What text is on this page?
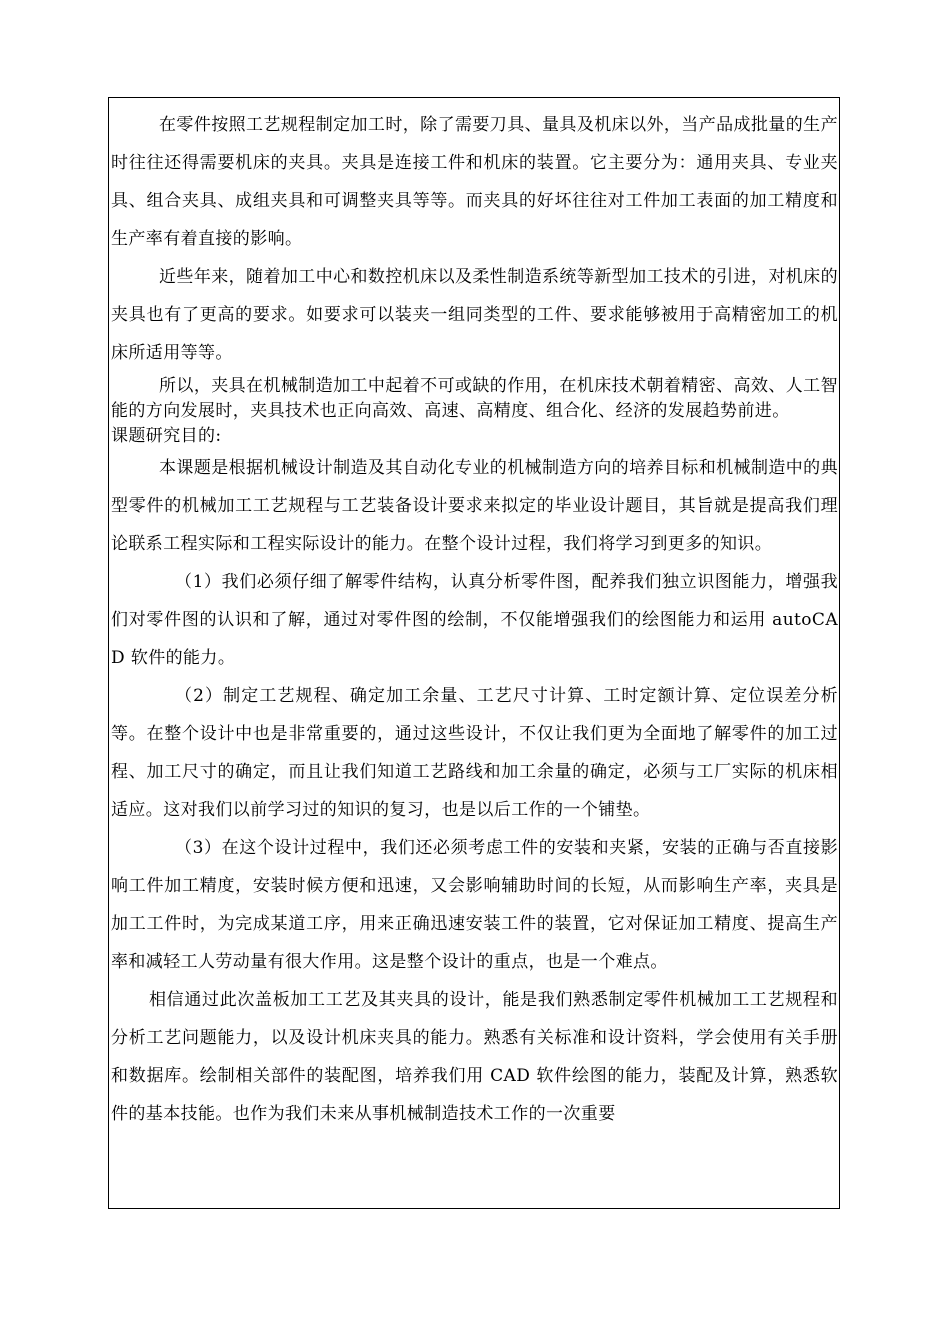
在零件按照工艺规程制定加工时，除了需要刀具、量具及机床以外，当产品成批量的生产时往往还得需要机床的夹具。夹具是连接工件和机床的装置。它主要分为：通用夹具、专业夹具、组合夹具、成组夹具和可调整夹具等等。而夹具的好坏往往对工件加工表面的加工精度和生产率有着直接的影响。

近些年来，随着加工中心和数控机床以及柔性制造系统等新型加工技术的引进，对机床的夹具也有了更高的要求。如要求可以装夹一组同类型的工件、要求能够被用于高精密加工的机床所适用等等。

所以，夹具在机械制造加工中起着不可或缺的作用，在机床技术朝着精密、高效、人工智能的方向发展时，夹具技术也正向高效、高速、高精度、组合化、经济的发展趋势前进。

课题研究目的:

本课题是根据机械设计制造及其自动化专业的机械制造方向的培养目标和机械制造中的典型零件的机械加工工艺规程与工艺装备设计要求来拟定的毕业设计题目，其旨就是提高我们理论联系工程实际和工程实际设计的能力。在整个设计过程，我们将学习到更多的知识。

（1）我们必须仔细了解零件结构，认真分析零件图，配养我们独立识图能力，增强我们对零件图的认识和了解，通过对零件图的绘制，不仅能增强我们的绘图能力和运用 autoCAD 软件的能力。

（2）制定工艺规程、确定加工余量、工艺尺寸计算、工时定额计算、定位误差分析等。在整个设计中也是非常重要的，通过这些设计，不仅让我们更为全面地了解零件的加工过程、加工尺寸的确定，而且让我们知道工艺路线和加工余量的确定，必须与工厂实际的机床相适应。这对我们以前学习过的知识的复习，也是以后工作的一个铺垫。

（3）在这个设计过程中，我们还必须考虑工件的安装和夹紧，安装的正确与否直接影响工件加工精度，安装时候方便和迅速，又会影响辅助时间的长短，从而影响生产率，夹具是加工工件时，为完成某道工序，用来正确迅速安装工件的装置，它对保证加工精度、提高生产率和减轻工人劳动量有很大作用。这是整个设计的重点，也是一个难点。

相信通过此次盖板加工工艺及其夹具的设计，能是我们熟悉制定零件机械加工工艺规程和分析工艺问题能力，以及设计机床夹具的能力。熟悉有关标准和设计资料，学会使用有关手册和数据库。绘制相关部件的装配图，培养我们用 CAD 软件绘图的能力，装配及计算，熟悉软件的基本技能。也作为我们未来从事机械制造技术工作的一次重要
